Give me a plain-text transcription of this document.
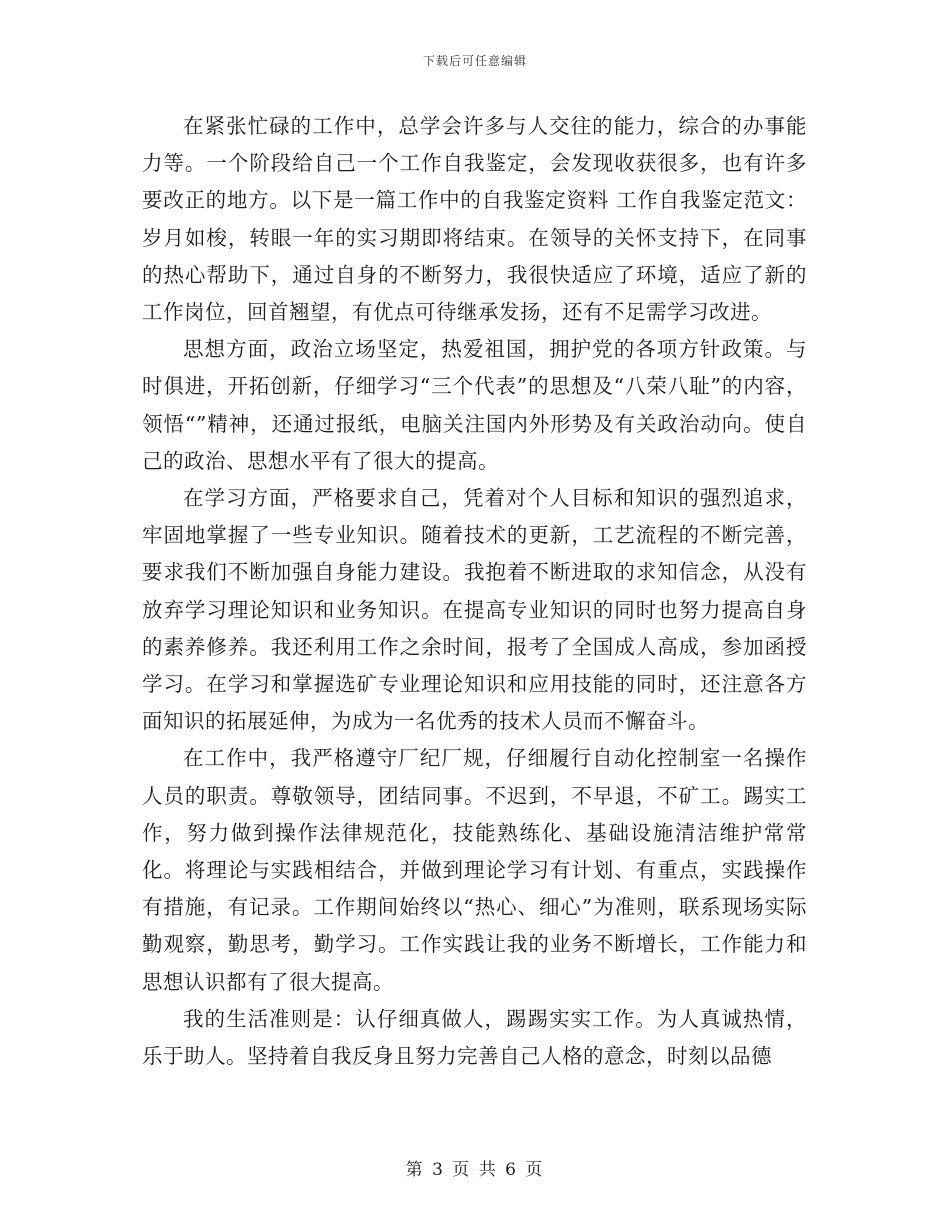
下载后可任意编辑

在紧张忙碌的工作中，总学会许多与人交往的能力，综合的办事能力等。一个阶段给自己一个工作自我鉴定，会发现收获很多，也有许多要改正的地方。以下是一篇工作中的自我鉴定资料 工作自我鉴定范文：岁月如梭，转眼一年的实习期即将结束。在领导的关怀支持下，在同事的热心帮助下，通过自身的不断努力，我很快适应了环境，适应了新的工作岗位，回首翘望，有优点可待继承发扬，还有不足需学习改进。

思想方面，政治立场坚定，热爱祖国，拥护党的各项方针政策。与时俱进，开拓创新，仔细学习“三个代表”的思想及“八荣八耻”的内容，领悟“”精神，还通过报纸，电脑关注国内外形势及有关政治动向。使自己的政治、思想水平有了很大的提高。

在学习方面，严格要求自己，凭着对个人目标和知识的强烈追求，牢固地掌握了一些专业知识。随着技术的更新，工艺流程的不断完善，要求我们不断加强自身能力建设。我抱着不断进取的求知信念，从没有放弃学习理论知识和业务知识。在提高专业知识的同时也努力提高自身的素养修养。我还利用工作之余时间，报考了全国成人高成，参加函授学习。在学习和掌握选矿专业理论知识和应用技能的同时，还注意各方面知识的拓展延伸，为成为一名优秀的技术人员而不懈奋斗。

在工作中，我严格遵守厂纪厂规，仔细履行自动化控制室一名操作人员的职责。尊敬领导，团结同事。不迟到，不早退，不矿工。踢实工作，努力做到操作法律规范化，技能熟练化、基础设施清洁维护常常化。将理论与实践相结合，并做到理论学习有计划、有重点，实践操作有措施，有记录。工作期间始终以“热心、细心”为准则，联系现场实际勤观察，勤思考，勤学习。工作实践让我的业务不断增长，工作能力和思想认识都有了很大提高。

我的生活准则是：认仔细真做人，踢踢实实工作。为人真诚热情，乐于助人。坚持着自我反身且努力完善自己人格的意念，时刻以品德

第 3 页 共 6 页
